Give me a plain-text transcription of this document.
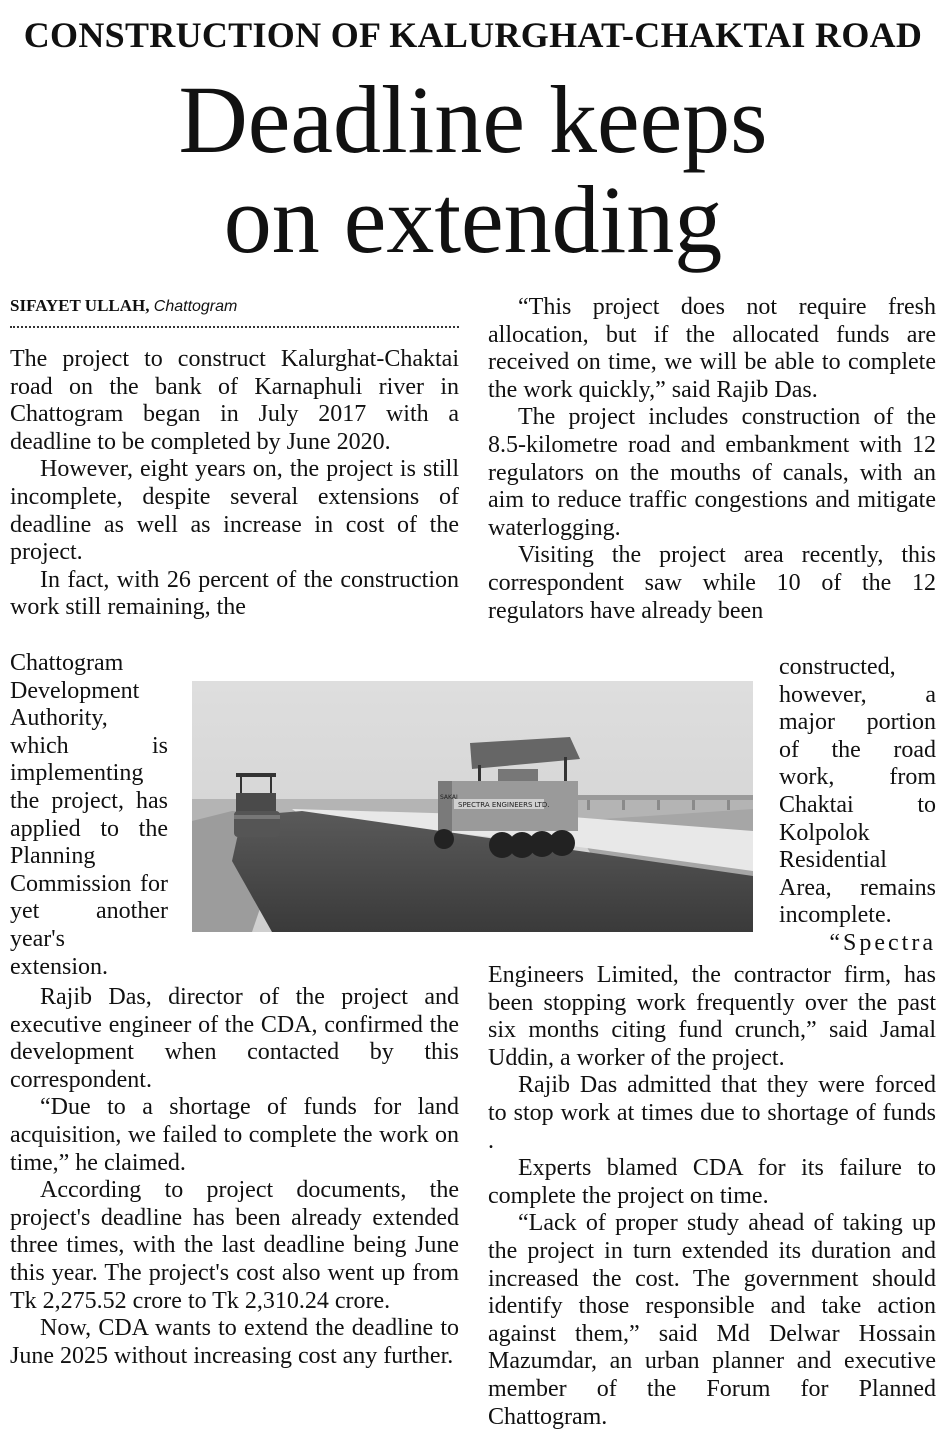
CONSTRUCTION OF KALURGHAT-CHAKTAI ROAD
Deadline keeps
on extending
SIFAYET ULLAH, Chattogram

The project to construct Kalurghat-Chaktai road on the bank of Karnaphuli river in Chattogram began in July 2017 with a deadline to be completed by June 2020.

However, eight years on, the project is still incomplete, despite several extensions of deadline as well as increase in cost of the project.

In fact, with 26 percent of the construction work still remaining, the

Chattogram Development Authority, which is implementing the project, has applied to the Planning Commission for yet another year's extension.

Rajib Das, director of the project and executive engineer of the CDA, confirmed the development when contacted by this correspondent.

“Due to a shortage of funds for land acquisition, we failed to complete the work on time,” he claimed.

According to project documents, the project's deadline has been already extended three times, with the last deadline being June this year. The project's cost also went up from Tk 2,275.52 crore to Tk 2,310.24 crore.

Now, CDA wants to extend the deadline to June 2025 without increasing cost any further.

“This project does not require fresh allocation, but if the allocated funds are received on time, we will be able to complete the work quickly,” said Rajib Das.

The project includes construction of the 8.5-kilometre road and embankment with 12 regulators on the mouths of canals, with an aim to reduce traffic congestions and mitigate waterlogging.

Visiting the project area recently, this correspondent saw while 10 of the 12 regulators have already been

constructed, however, a major portion of the road work, from Chaktai to Kolpolok Residential Area, remains incomplete.

“Spectra

Engineers Limited, the contractor firm, has been stopping work frequently over the past six months citing fund crunch,” said Jamal Uddin, a worker of the project.

Rajib Das admitted that they were forced to stop work at times due to shortage of funds .

Experts blamed CDA for its failure to complete the project on time.

“Lack of proper study ahead of taking up the project in turn extended its duration and increased the cost. The government should identify those responsible and take action against them,” said Md Delwar Hossain Mazumdar, an urban planner and executive member of the Forum for Planned Chattogram.

SPECTRA ENGINEERS LTD.
SAKAI
